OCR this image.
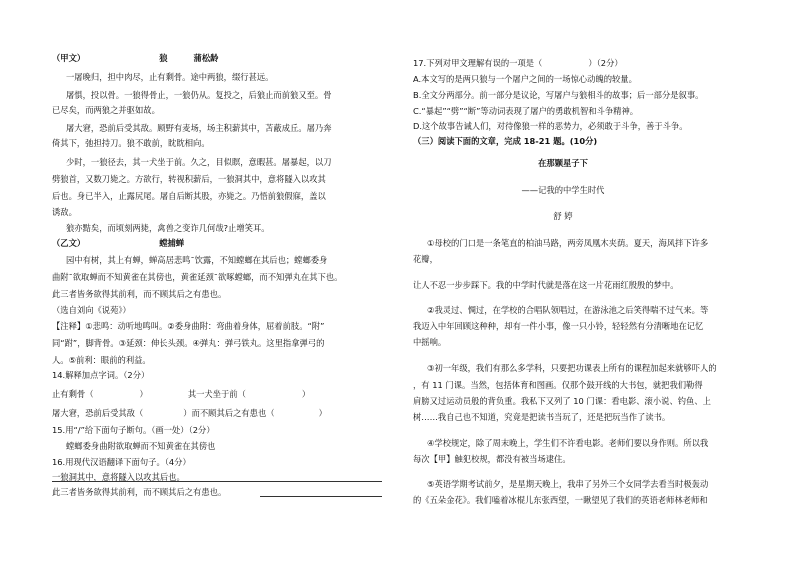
（甲文）	狼	蒲松龄
一屠晚归，担中肉尽，止有剩骨。途中两狼，缀行甚远。
屠惧，投以骨。一狼得骨止，一狼仍从。复投之，后狼止而前狼又至。骨
已尽矣，而两狼之并驱如故。
屠大窘，恐前后受其敌。顾野有麦场，场主积薪其中，苫蔽成丘。屠乃奔
倚其下，弛担持刀。狼不敢前，眈眈相向。
少时，一狼径去，其一犬坐于前。久之，目似瞑，意暇甚。屠暴起，以刀
劈狼首，又数刀毙之。方欲行，转视积薪后，一狼洞其中，意将隧入以攻其
后也。身已半入，止露尻尾。屠自后断其股，亦毙之。乃悟前狼假寐，盖以
诱敌。
狼亦黠矣，而顷刻两毙，禽兽之变诈几何哉?止增笑耳。
（乙文）	螳捕蝉
园中有树，其上有蝉，蝉高居悲鸣ˉ饮露，不知螳螂在其后也；螳螂委身
曲附ˉ欲取蝉而不知黄雀在其傍也，黄雀延颈ˉ欲啄螳螂，而不知弹丸在其下也。
此三者皆务欲得其前利，而不顾其后之有患也。
（选自刘向《说苑》）
【注释】①悲鸣：动听地鸣叫。②委身曲附：弯曲着身体，屈着前肢。“附”
同“跗”，脚背骨。③延颈：伸长头颈。④弹丸：弹弓铁丸。这里指拿弹弓的
人。⑤前利：眼前的利益。
14.解释加点字词。（2分）
止有剩骨（	）	其一犬坐于前（	）
屠大窘，恐前后受其敌（	）而不顾其后之有患也（	）
15.用“/”给下面句子断句。（画一处）（2分）
螳螂委身曲附欲取蝉而不知黄雀在其傍也
16.用现代汉语翻译下面句子。（4分）
一狼洞其中，意将隧入以攻其后也。
此三者皆务欲得其前利，而不顾其后之有患也。
17.下列对甲文理解有误的一项是（	）（2分）
A.本文写的是两只狼与一个屠户之间的一场惊心动魄的较量。
B.全文分两部分。前一部分是议论，写屠户与狼相斗的故事；后一部分是叙事。
C.“暴起”“劈”“断”等动词表现了屠户的勇敢机智和斗争精神。
D.这个故事告诫人们，对待像狼一样的恶势力，必须敢于斗争，善于斗争。
（三）阅读下面的文章，完成 18-21 题。(10分)
在那颗星子下
——记我的中学生时代
舒 婷
①母校的门口是一条笔直的柏油马路，两旁凤凰木夹荫。夏天，海风拌下许多
花瓣，
让人不忍一步步踩下。我的中学时代就是落在这一片花雨红殷殷的梦中。
②我灵过、惆过，在学校的合唱队领唱过，在游泳池之后笑得喘不过气来。等
我迈入中年回顾这种种，却有一件小事，像一只小铃，轻轻然有分清晰地在记忆
中摇响。
③初一年级，我们有那么多学科，只要把功课表上所有的课程加起来就够吓人的
，有 11 门课。当然，包括体育和图画。仅那个鼓开线的大书包，就把我们勒得
肩膀又过运动员般的背负重。我私下又列了 10 门课：看电影、滚小说、钓鱼、上
树……我自己也不知道，究竟是把读书当玩了，还是把玩当作了读书。
④学校规定，除了周末晚上，学生们不许看电影。老师们要以身作则。所以我
每次【甲】触犯校规，都没有被当场逮住。
⑤英语学期考试前夕，是星期天晚上，我串了另外三个女同学去看当时极轰动
的《五朵金花》。我们嗑着冰棍儿东张西望，一瞅望见了我们的英语老师林老师和
